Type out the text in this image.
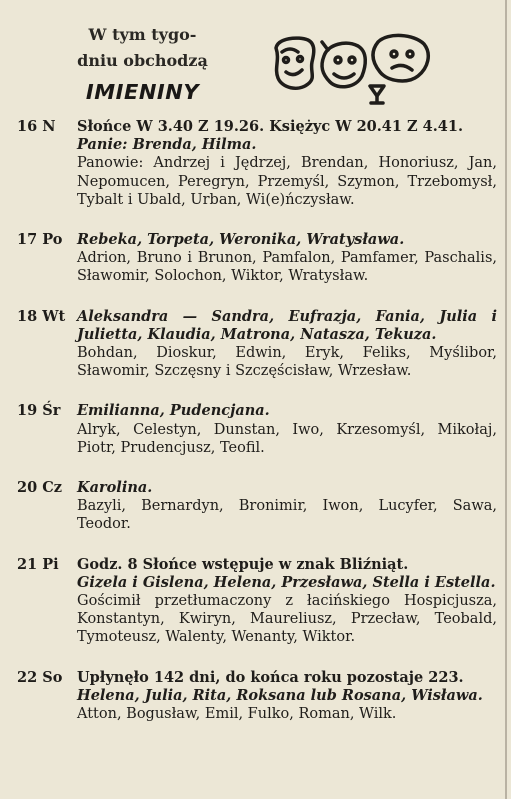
W tym tygo-
dniu obchodzą
IMIENINY
16 N	Słońce W 3.40 Z 19.26. Księżyc W 20.41 Z 4.41.
Panie: Brenda, Hilma.
Panowie: Andrzej i Jędrzej, Brendan, Honoriusz, Jan, Nepomucen, Peregryn, Przemyśl, Szymon, Trzebomysł, Tybalt i Ubald, Urban, Wi(e)ńczysław.
17 Po	Rebeka, Torpeta, Weronika, Wratysława.
Adrion, Bruno i Brunon, Pamfalon, Pamfamer, Paschalis, Sławomir, Solochon, Wiktor, Wratysław.
18 Wt Aleksandra — Sandra, Eufrazja, Fania, Julia i Julietta, Klaudia, Matrona, Natasza, Tekuza.
Bohdan, Dioskur, Edwin, Eryk, Feliks, Myślibor, Sławomir, Szczęsny i Szczęścisław, Wrzesław.
19 Śr	Emilianna, Pudencjana.
Alryk, Celestyn, Dunstan, Iwo, Krzesomyśl, Mikołaj, Piotr, Prudencjusz, Teofil.
20 Cz	Karolina.
Bazyli, Bernardyn, Bronimir, Iwon, Lucyfer, Sawa, Teodor.
21 Pi	Godz. 8 Słońce wstępuje w znak Bliźniąt.
Gizela i Gislena, Helena, Przesława, Stella i Estella.
Gościmił przetłumaczony z łacińskiego Hospicjusza, Konstantyn, Kwiryn, Maureliusz, Przecław, Teobald, Tymoteusz, Walenty, Wenanty, Wiktor.
22 So	Upłynęło 142 dni, do końca roku pozostaje 223.
Helena, Julia, Rita, Roksana lub Rosana, Wisława.
Atton, Bogusław, Emil, Fulko, Roman, Wilk.
